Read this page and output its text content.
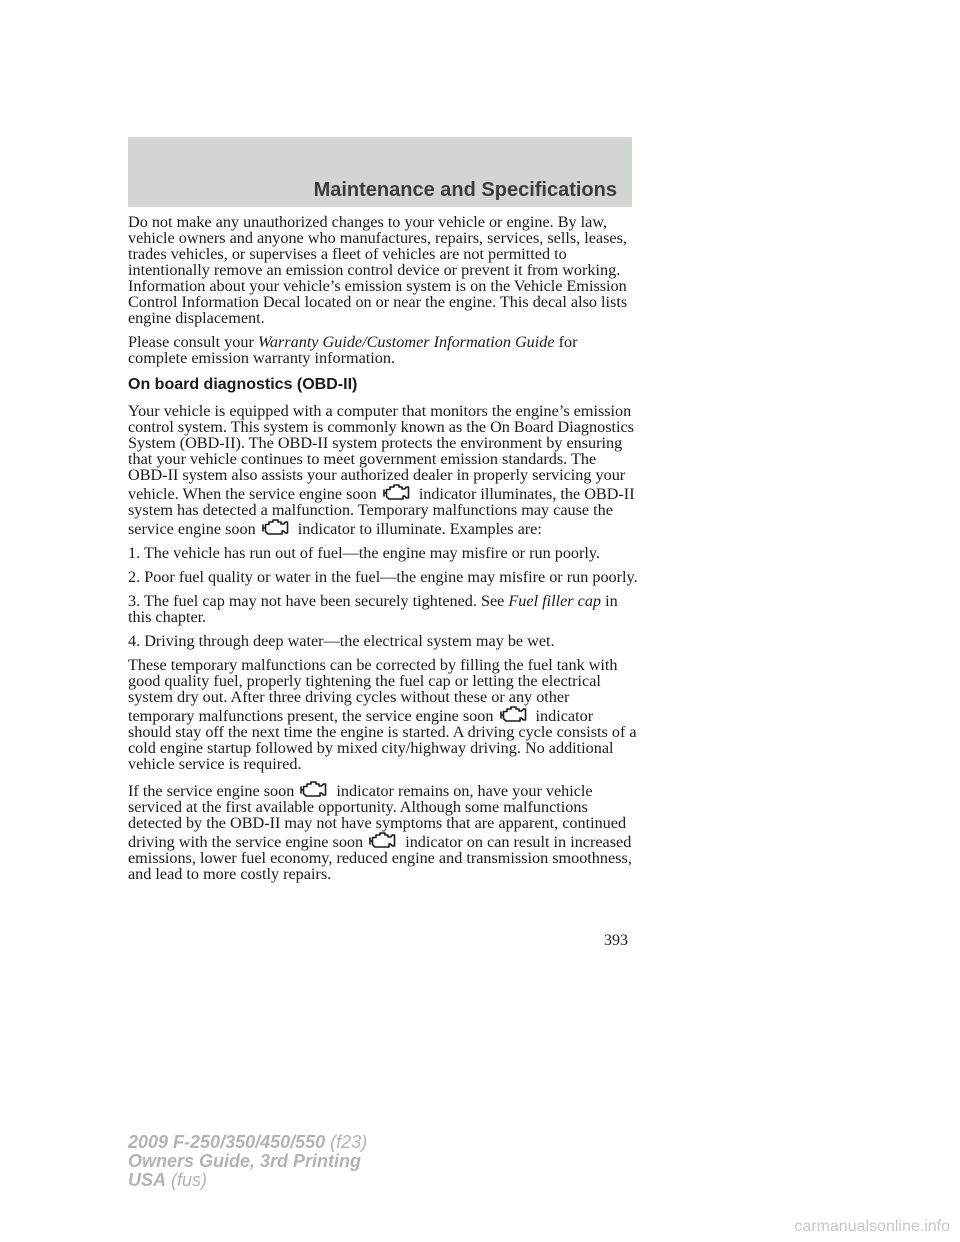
Maintenance and Specifications

Do not make any unauthorized changes to your vehicle or engine. By law, vehicle owners and anyone who manufactures, repairs, services, sells, leases, trades vehicles, or supervises a fleet of vehicles are not permitted to intentionally remove an emission control device or prevent it from working. Information about your vehicle’s emission system is on the Vehicle Emission Control Information Decal located on or near the engine. This decal also lists engine displacement.

Please consult your Warranty Guide/Customer Information Guide for complete emission warranty information.

On board diagnostics (OBD-II)

Your vehicle is equipped with a computer that monitors the engine’s emission control system. This system is commonly known as the On Board Diagnostics System (OBD-II). The OBD-II system protects the environment by ensuring that your vehicle continues to meet government emission standards. The OBD-II system also assists your authorized dealer in properly servicing your vehicle. When the service engine soon
indicator illuminates, the OBD-II system has detected a malfunction. Temporary malfunctions may cause the service engine soon
indicator to illuminate. Examples are:

1. The vehicle has run out of fuel—the engine may misfire or run poorly.

2. Poor fuel quality or water in the fuel—the engine may misfire or run poorly.

3. The fuel cap may not have been securely tightened. See Fuel filler cap in this chapter.

4. Driving through deep water—the electrical system may be wet.

These temporary malfunctions can be corrected by filling the fuel tank with good quality fuel, properly tightening the fuel cap or letting the electrical system dry out. After three driving cycles without these or any other temporary malfunctions present, the service engine soon
indicator should stay off the next time the engine is started. A driving cycle consists of a cold engine startup followed by mixed city/highway driving. No additional vehicle service is required.

If the service engine soon
indicator remains on, have your vehicle serviced at the first available opportunity. Although some malfunctions detected by the OBD-II may not have symptoms that are apparent, continued driving with the service engine soon
indicator on can result in increased emissions, lower fuel economy, reduced engine and transmission smoothness, and lead to more costly repairs.

393
2009 F-250/350/450/550 (f23)
Owners Guide, 3rd Printing
USA (fus)
carmanualsonline.info
